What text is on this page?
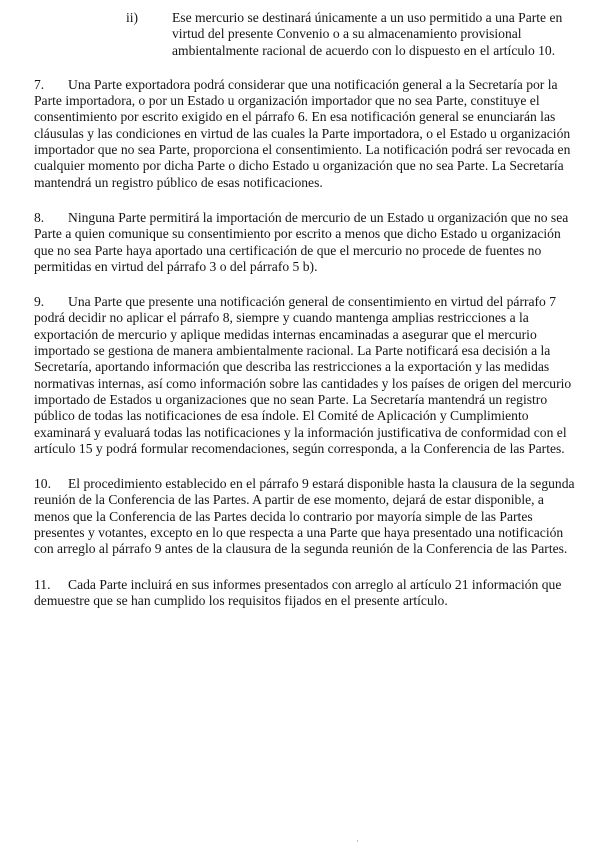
ii) Ese mercurio se destinará únicamente a un uso permitido a una Parte en virtud del presente Convenio o a su almacenamiento provisional ambientalmente racional de acuerdo con lo dispuesto en el artículo 10.

7. Una Parte exportadora podrá considerar que una notificación general a la Secretaría por la Parte importadora, o por un Estado u organización importador que no sea Parte, constituye el consentimiento por escrito exigido en el párrafo 6. En esa notificación general se enunciarán las cláusulas y las condiciones en virtud de las cuales la Parte importadora, o el Estado u organización importador que no sea Parte, proporciona el consentimiento. La notificación podrá ser revocada en cualquier momento por dicha Parte o dicho Estado u organización que no sea Parte. La Secretaría mantendrá un registro público de esas notificaciones.

8. Ninguna Parte permitirá la importación de mercurio de un Estado u organización que no sea Parte a quien comunique su consentimiento por escrito a menos que dicho Estado u organización que no sea Parte haya aportado una certificación de que el mercurio no procede de fuentes no permitidas en virtud del párrafo 3 o del párrafo 5 b).

9. Una Parte que presente una notificación general de consentimiento en virtud del párrafo 7 podrá decidir no aplicar el párrafo 8, siempre y cuando mantenga amplias restricciones a la exportación de mercurio y aplique medidas internas encaminadas a asegurar que el mercurio importado se gestiona de manera ambientalmente racional. La Parte notificará esa decisión a la Secretaría, aportando información que describa las restricciones a la exportación y las medidas normativas internas, así como información sobre las cantidades y los países de origen del mercurio importado de Estados u organizaciones que no sean Parte. La Secretaría mantendrá un registro público de todas las notificaciones de esa índole. El Comité de Aplicación y Cumplimiento examinará y evaluará todas las notificaciones y la información justificativa de conformidad con el artículo 15 y podrá formular recomendaciones, según corresponda, a la Conferencia de las Partes.

10. El procedimiento establecido en el párrafo 9 estará disponible hasta la clausura de la segunda reunión de la Conferencia de las Partes. A partir de ese momento, dejará de estar disponible, a menos que la Conferencia de las Partes decida lo contrario por mayoría simple de las Partes presentes y votantes, excepto en lo que respecta a una Parte que haya presentado una notificación con arreglo al párrafo 9 antes de la clausura de la segunda reunión de la Conferencia de las Partes.

11. Cada Parte incluirá en sus informes presentados con arreglo al artículo 21 información que demuestre que se han cumplido los requisitos fijados en el presente artículo.

·
